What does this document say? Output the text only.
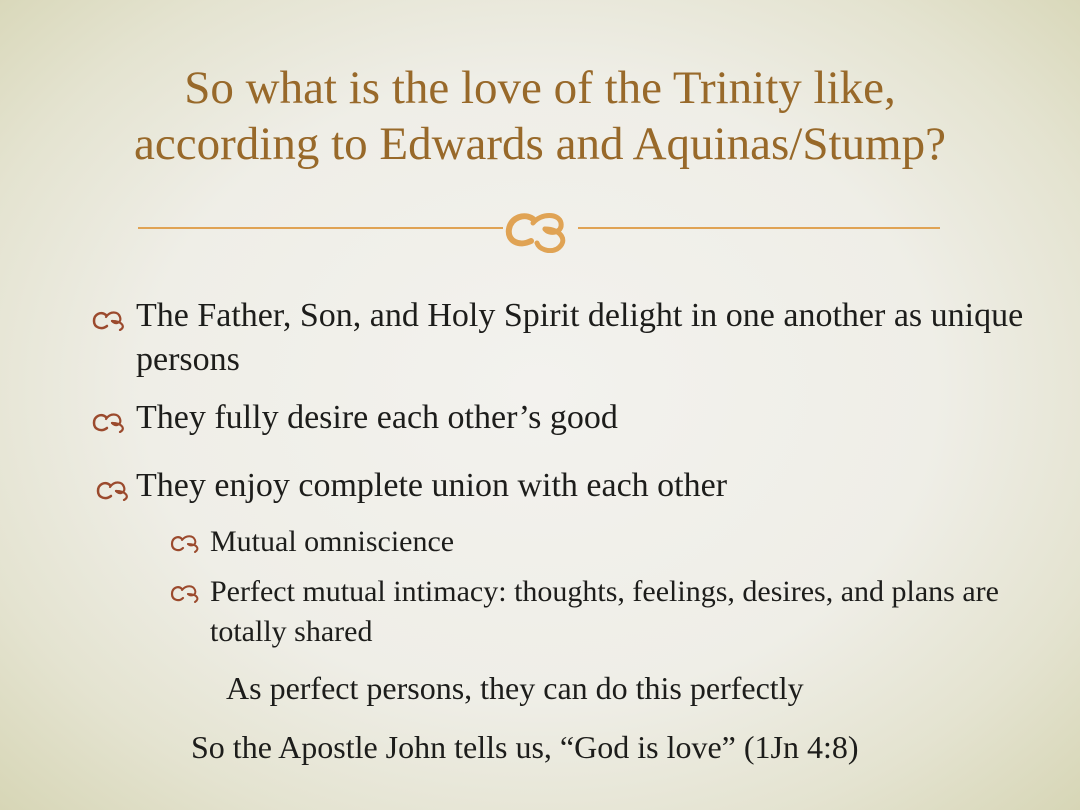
So what is the love of the Trinity like,
according to Edwards and Aquinas/Stump?
The Father, Son, and Holy Spirit delight in one another as unique persons
They fully desire each other’s good
They enjoy complete union with each other
Mutual omniscience
Perfect mutual intimacy: thoughts, feelings, desires, and plans are totally shared
As perfect persons, they can do this perfectly
So the Apostle John tells us, “God is love” (1Jn 4:8)
